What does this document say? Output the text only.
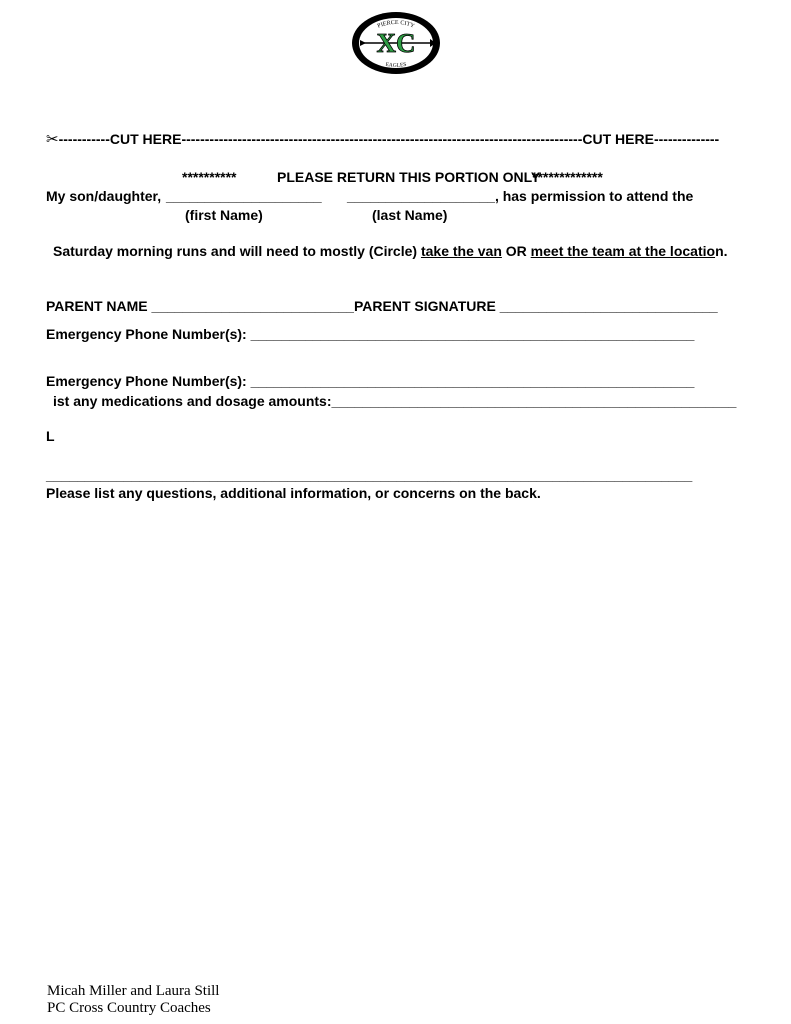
PIERCE CITY
XC
EAGLES
✂-----------CUT HERE--------------------------------------------------------------------------------------CUT HERE--------------
**********	PLEASE RETURN THIS PORTION ONLY
*************
My son/daughter, ____________________ ___________________, has permission to attend the
(first Name)	(last Name)
Saturday morning runs and will need to mostly (Circle) take the van OR meet the team at the location.
PARENT NAME __________________________PARENT SIGNATURE ____________________________
Emergency Phone Number(s): _________________________________________________________
Emergency Phone Number(s): _________________________________________________________
ist any medications and dosage amounts:____________________________________________________
L
___________________________________________________________________________________
Please list any questions, additional information, or concerns on the back.
Micah Miller and Laura Still
PC Cross Country Coaches
